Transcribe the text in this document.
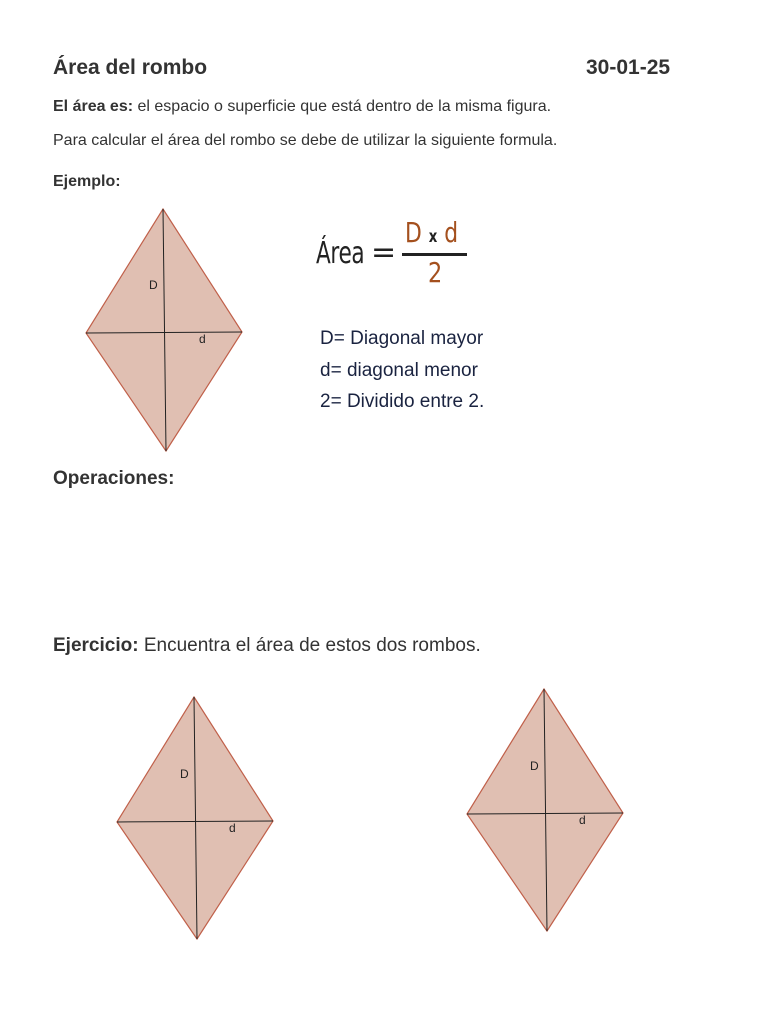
Área del rombo	30-01-25
El área es: el espacio o superficie que está dentro de la misma figura.
Para calcular el área del rombo se debe de utilizar la siguiente formula.
Ejemplo:
D
d
Área =
D x d
2
D= Diagonal mayor
d= diagonal menor
2= Dividido entre 2.
Operaciones:
Ejercicio: Encuentra el área de estos dos rombos.
D
d
D
d
